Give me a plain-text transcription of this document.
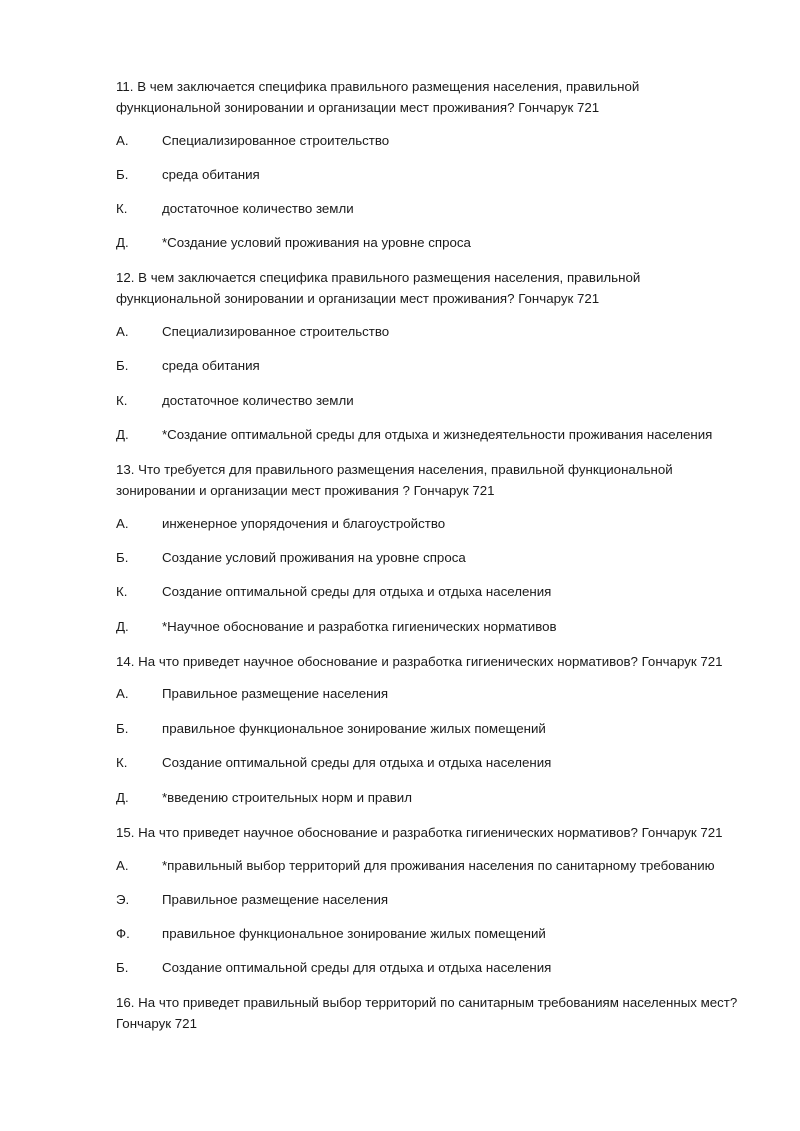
11. В чем заключается специфика правильного размещения населения, правильной функциональной зонировании и организации мест проживания? Гончарук 721
А.	Специализированное строительство
Б.	среда обитания
К.	достаточное количество земли
Д.	*Создание условий проживания на уровне спроса
12. В чем заключается специфика правильного размещения населения, правильной функциональной зонировании и организации мест проживания? Гончарук 721
А.	Специализированное строительство
Б.	среда обитания
К.	достаточное количество земли
Д.	*Создание оптимальной среды для отдыха и жизнедеятельности проживания населения
13. Что требуется для правильного размещения населения, правильной функциональной зонировании и организации мест проживания ? Гончарук 721
А.	инженерное упорядочения и благоустройство
Б.	Создание условий проживания на уровне спроса
К.	Создание оптимальной среды для отдыха и отдыха населения
Д.	*Научное обоснование и разработка гигиенических нормативов
14. На что приведет научное обоснование и разработка гигиенических нормативов? Гончарук 721
А.	Правильное размещение населения
Б.	правильное функциональное зонирование жилых помещений
К.	Создание оптимальной среды для отдыха и отдыха населения
Д.	*введению строительных норм и правил
15. На что приведет научное обоснование и разработка гигиенических нормативов? Гончарук 721
А.	*правильный выбор территорий для проживания населения по санитарному требованию
Э. Правильное размещение населения
Ф. правильное функциональное зонирование жилых помещений
Б.	Создание оптимальной среды для отдыха и отдыха населения
16. На что приведет правильный выбор территорий по санитарным требованиям населенных мест? Гончарук 721
